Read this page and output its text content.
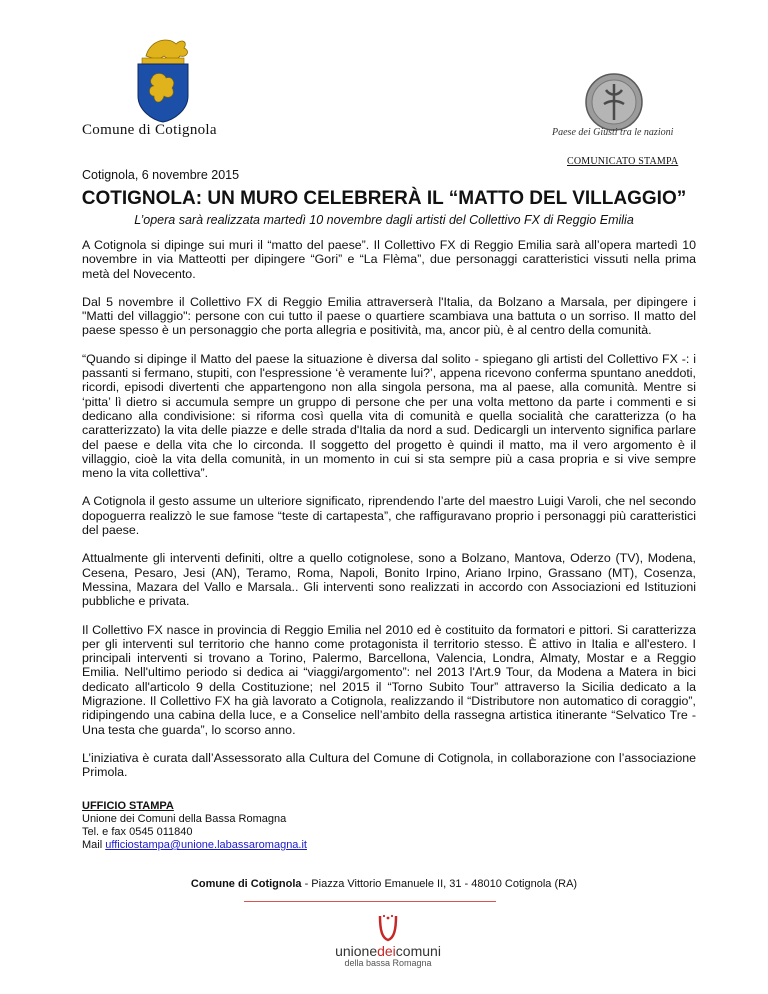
Comune di Cotignola	Paese dei Giusti tra le nazioni
COMUNICATO STAMPA
Cotignola, 6 novembre 2015
COTIGNOLA: UN MURO CELEBRERÀ IL “MATTO DEL VILLAGGIO”
L’opera sarà realizzata martedì 10 novembre dagli artisti del Collettivo FX di Reggio Emilia

A Cotignola si dipinge sui muri il “matto del paese”. Il Collettivo FX di Reggio Emilia sarà all’opera martedì 10 novembre in via Matteotti per dipingere “Gori” e “La Flèma”, due personaggi caratteristici vissuti nella prima metà del Novecento.

Dal 5 novembre il Collettivo FX di Reggio Emilia attraverserà l'Italia, da Bolzano a Marsala, per dipingere i "Matti del villaggio": persone con cui tutto il paese o quartiere scambiava una battuta o un sorriso. Il matto del paese spesso è un personaggio che porta allegria e positività, ma, ancor più, è al centro della comunità.

“Quando si dipinge il Matto del paese la situazione è diversa dal solito - spiegano gli artisti del Collettivo FX -: i passanti si fermano, stupiti, con l'espressione ‘è veramente lui?’, appena ricevono conferma spuntano aneddoti, ricordi, episodi divertenti che appartengono non alla singola persona, ma al paese, alla comunità. Mentre si ‘pitta’ lì dietro si accumula sempre un gruppo di persone che per una volta mettono da parte i commenti e si dedicano alla condivisione: si riforma così quella vita di comunità e quella socialità che caratterizza (o ha caratterizzato) la vita delle piazze e delle strada d'Italia da nord a sud. Dedicargli un intervento significa parlare del paese e della vita che lo circonda. Il soggetto del progetto è quindi il matto, ma il vero argomento è il villaggio, cioè la vita della comunità, in un momento in cui si sta sempre più a casa propria e si vive sempre meno la vita collettiva”.

A Cotignola il gesto assume un ulteriore significato, riprendendo l’arte del maestro Luigi Varoli, che nel secondo dopoguerra realizzò le sue famose “teste di cartapesta”, che raffiguravano proprio i personaggi più caratteristici del paese.

Attualmente gli interventi definiti, oltre a quello cotignolese, sono a Bolzano, Mantova, Oderzo (TV), Modena, Cesena, Pesaro, Jesi (AN), Teramo, Roma, Napoli, Bonito Irpino, Ariano Irpino, Grassano (MT), Cosenza, Messina, Mazara del Vallo e Marsala.. Gli interventi sono realizzati in accordo con Associazioni ed Istituzioni pubbliche e privata.

Il Collettivo FX nasce in provincia di Reggio Emilia nel 2010 ed è costituito da formatori e pittori. Si caratterizza per gli interventi sul territorio che hanno come protagonista il territorio stesso. È attivo in Italia e all'estero. I principali interventi si trovano a Torino, Palermo, Barcellona, Valencia, Londra, Almaty, Mostar e a Reggio Emilia. Nell'ultimo periodo si dedica ai “viaggi/argomento”: nel 2013 l'Art.9 Tour, da Modena a Matera in bici dedicato all'articolo 9 della Costituzione; nel 2015 il “Torno Subito Tour” attraverso la Sicilia dedicato a la Migrazione. Il Collettivo FX ha già lavorato a Cotignola, realizzando il “Distributore non automatico di coraggio”, ridipingendo una cabina della luce, e a Conselice nell’ambito della rassegna artistica itinerante “Selvatico Tre - Una testa che guarda”, lo scorso anno.

L’iniziativa è curata dall’Assessorato alla Cultura del Comune di Cotignola, in collaborazione con l’associazione Primola.

UFFICIO STAMPA
Unione dei Comuni della Bassa Romagna
Tel. e fax 0545 011840
Mail ufficiostampa@unione.labassaromagna.it
Comune di Cotignola - Piazza Vittorio Emanuele II, 31 - 48010 Cotignola (RA)
unionedeicomuni
della bassa Romagna
